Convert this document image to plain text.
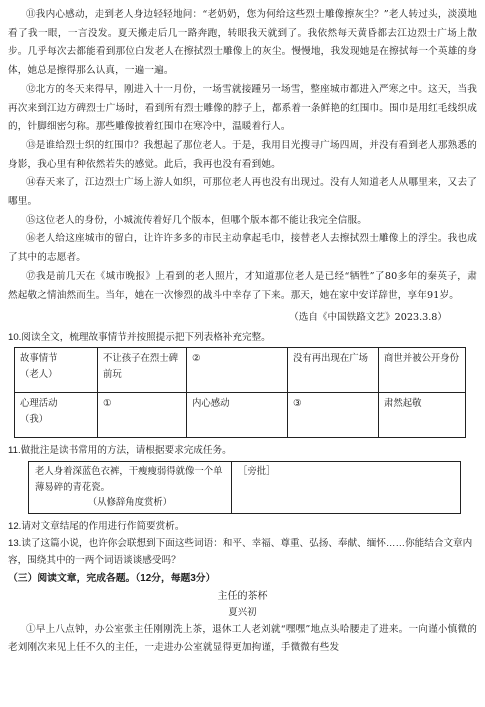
⑪我内心感动，走到老人身边轻轻地问：“老奶奶，您为何给这些烈士雕像擦灰尘？”老人转过头，淡漠地看了我一眼，一言没发。夏天搬走后几一路奔跑，转眼我天就到了。我依然每天黄昏都去江边烈士广场上散步。几乎每次去都能看到那位白发老人在擦拭烈士雕像上的灰尘。慢慢地，我发现她是在擦拭每一个英雄的身体，她总是擦得那么认真，一遍一遍。

⑫北方的冬天来得早，刚进入十一月份，一场雪就接踵另一场雪，整座城市都进入严寒之中。这天，当我再次来到江边方碑烈士广场时，看到所有烈士雕像的脖子上，都系着一条鲜艳的红围巾。围巾是用红毛线织成的，针脚细密匀称。那些雕像披着红围巾在寒冷中，温暖着行人。

⑬是谁给烈士织的红围巾？我想起了那位老人。于是，我用目光搜寻广场四周，并没有看到老人那熟悉的身影，我心里有种依然若失的感觉。此后，我再也没有看到她。

⑭春天来了，江边烈士广场上游人如织，可那位老人再也没有出现过。没有人知道老人从哪里来，又去了哪里。

⑮这位老人的身份，小城流传着好几个版本，但哪个版本都不能让我完全信服。

⑯老人给这座城市的留白，让许许多多的市民主动拿起毛巾，接替老人去擦拭烈士雕像上的浮尘。我也成了其中的志愿者。

⑰我是前几天在《城市晚报》上看到的老人照片，才知道那位老人是已经“牺牲”了80多年的秦英子，肃然起敬之情油然而生。当年，她在一次惨烈的战斗中幸存了下来。那天，她在家中安详辞世，享年91岁。

（选自《中国铁路文艺》2023.3.8）

10.阅读全文，梳理故事情节并按照提示把下列表格补充完整。

故事情节
（老人）	不让孩子在烈士碑前玩	②	没有再出现在广场	商世并被公开身份
心理活动
（我）	①	内心感动	③	肃然起敬

11.做批注是读书常用的方法，请根据要求完成任务。

老人身着深蓝色衣裤，干瘦瘦弱得就像一个单薄易碎的青花瓷。
（从修辞角度赏析）
［旁批］

12.请对文章结尾的作用进行作简要赏析。

13.读了这篇小说，也许你会联想到下面这些词语：和平、幸福、尊重、弘扬、奉献、缅怀……你能结合文章内容，围绕其中的一两个词语谈谈感受吗？

（三）阅读文章，完成各题。（12分，每题3分）

主任的茶杯

夏兴初

①早上八点钟，办公室张主任刚刚洗上茶，退休工人老刘就“嘿嘿”地点头哈腰走了进来。一向谨小慎微的老刘刚次来见上任不久的主任，一走进办公室就显得更加拘谨，手微微有些发
